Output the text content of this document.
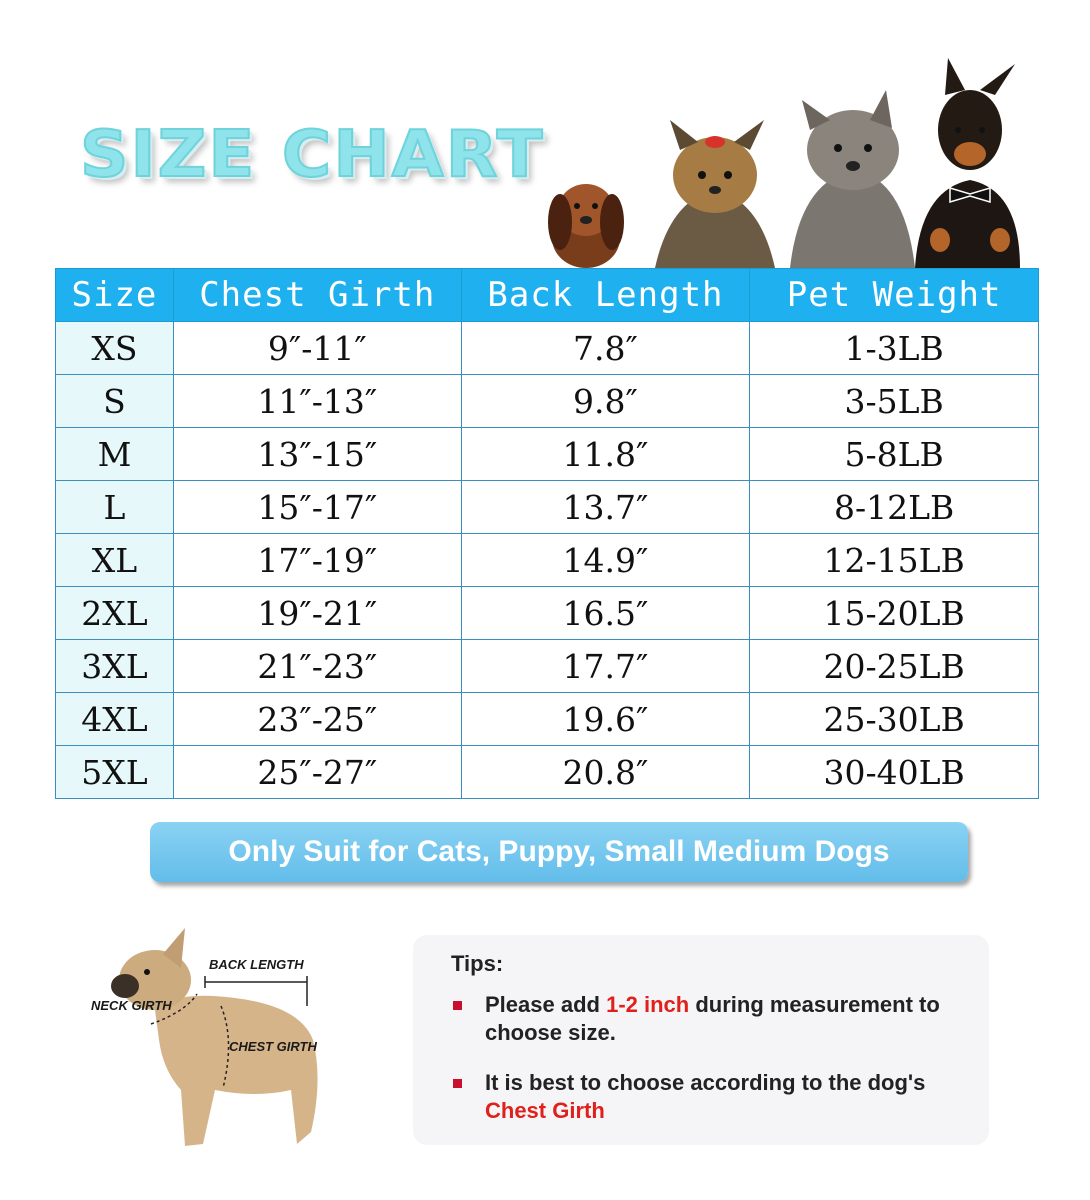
SIZE CHART
Size	Chest Girth	Back Length	Pet Weight
XS	9″-11″	7.8″	1-3LB
S	11″-13″	9.8″	3-5LB
M	13″-15″	11.8″	5-8LB
L	15″-17″	13.7″	8-12LB
XL	17″-19″	14.9″	12-15LB
2XL	19″-21″	16.5″	15-20LB
3XL	21″-23″	17.7″	20-25LB
4XL	23″-25″	19.6″	25-30LB
5XL	25″-27″	20.8″	30-40LB
Only Suit for Cats, Puppy, Small Medium Dogs
BACK LENGTH
NECK GIRTH
CHEST GIRTH
Tips:
Please add 1-2 inch during measurement to choose size.
It is best to choose according to the dog's Chest Girth
